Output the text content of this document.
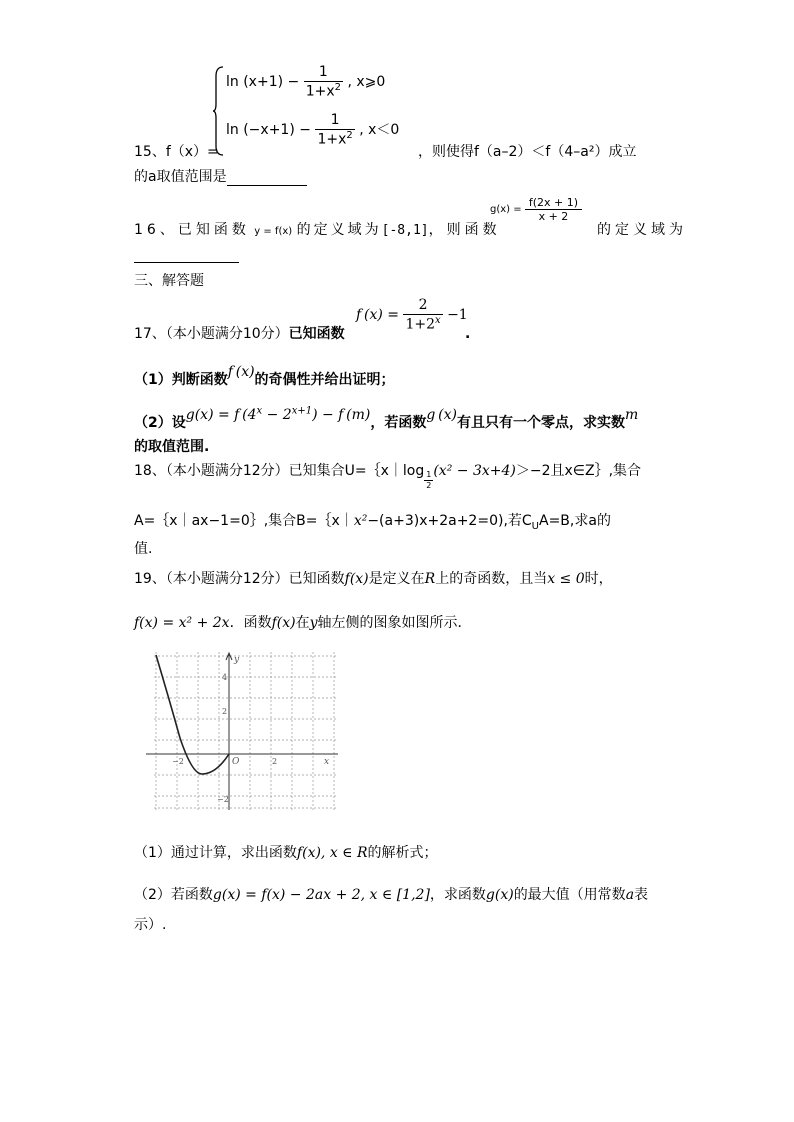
$\ln (x+1) - \frac{1}{1+x^2}$ , x⩾0
$\ln (-x+1) - \frac{1}{1+x^2}$ , x＜0
15、f（x）=	，则使得f（a–2）＜f（4–a²）成立
的a取值范围是
16、已知函数 y = f(x) 的定义域为[-8,1]，则函数
$g(x) = \frac{f(2x + 1)}{x + 2}$
的定义域为
三、解答题
17、（本小题满分10分）已知函数
f $(x) = \frac{2}{1+2^x} -1$
.
（1）判断函数f (x)的奇偶性并给出证明；
（2）设g(x) = f $(4^x - 2^{x+1}) - f$ (m)，若函数g (x)有且只有一个零点，求实数m
的取值范围.
18、（本小题满分12分）已知集合U=｛x｜log $\frac{1}{2} (x^2 - 3x+4)>-2$且x∈Z｝,集合
A=｛x｜ax−1=0｝,集合B=｛x｜x²−(a+3)x+2a+2=0),若$C_UA=B$,求a的
值.
19、（本小题满分12分）已知函数f(x)是定义在R上的奇函数，且当x ≤ 0时，
f(x) = x² + 2x．函数f(x)在y轴左侧的图象如图所示．
y
4
2
O
−2	2	x
−2
（1）通过计算，求出函数f(x), x ∈ R的解析式；
（2）若函数g(x) = f(x) − 2ax + 2, x ∈ [1,2]，求函数g(x)的最大值（用常数a表
示）.
